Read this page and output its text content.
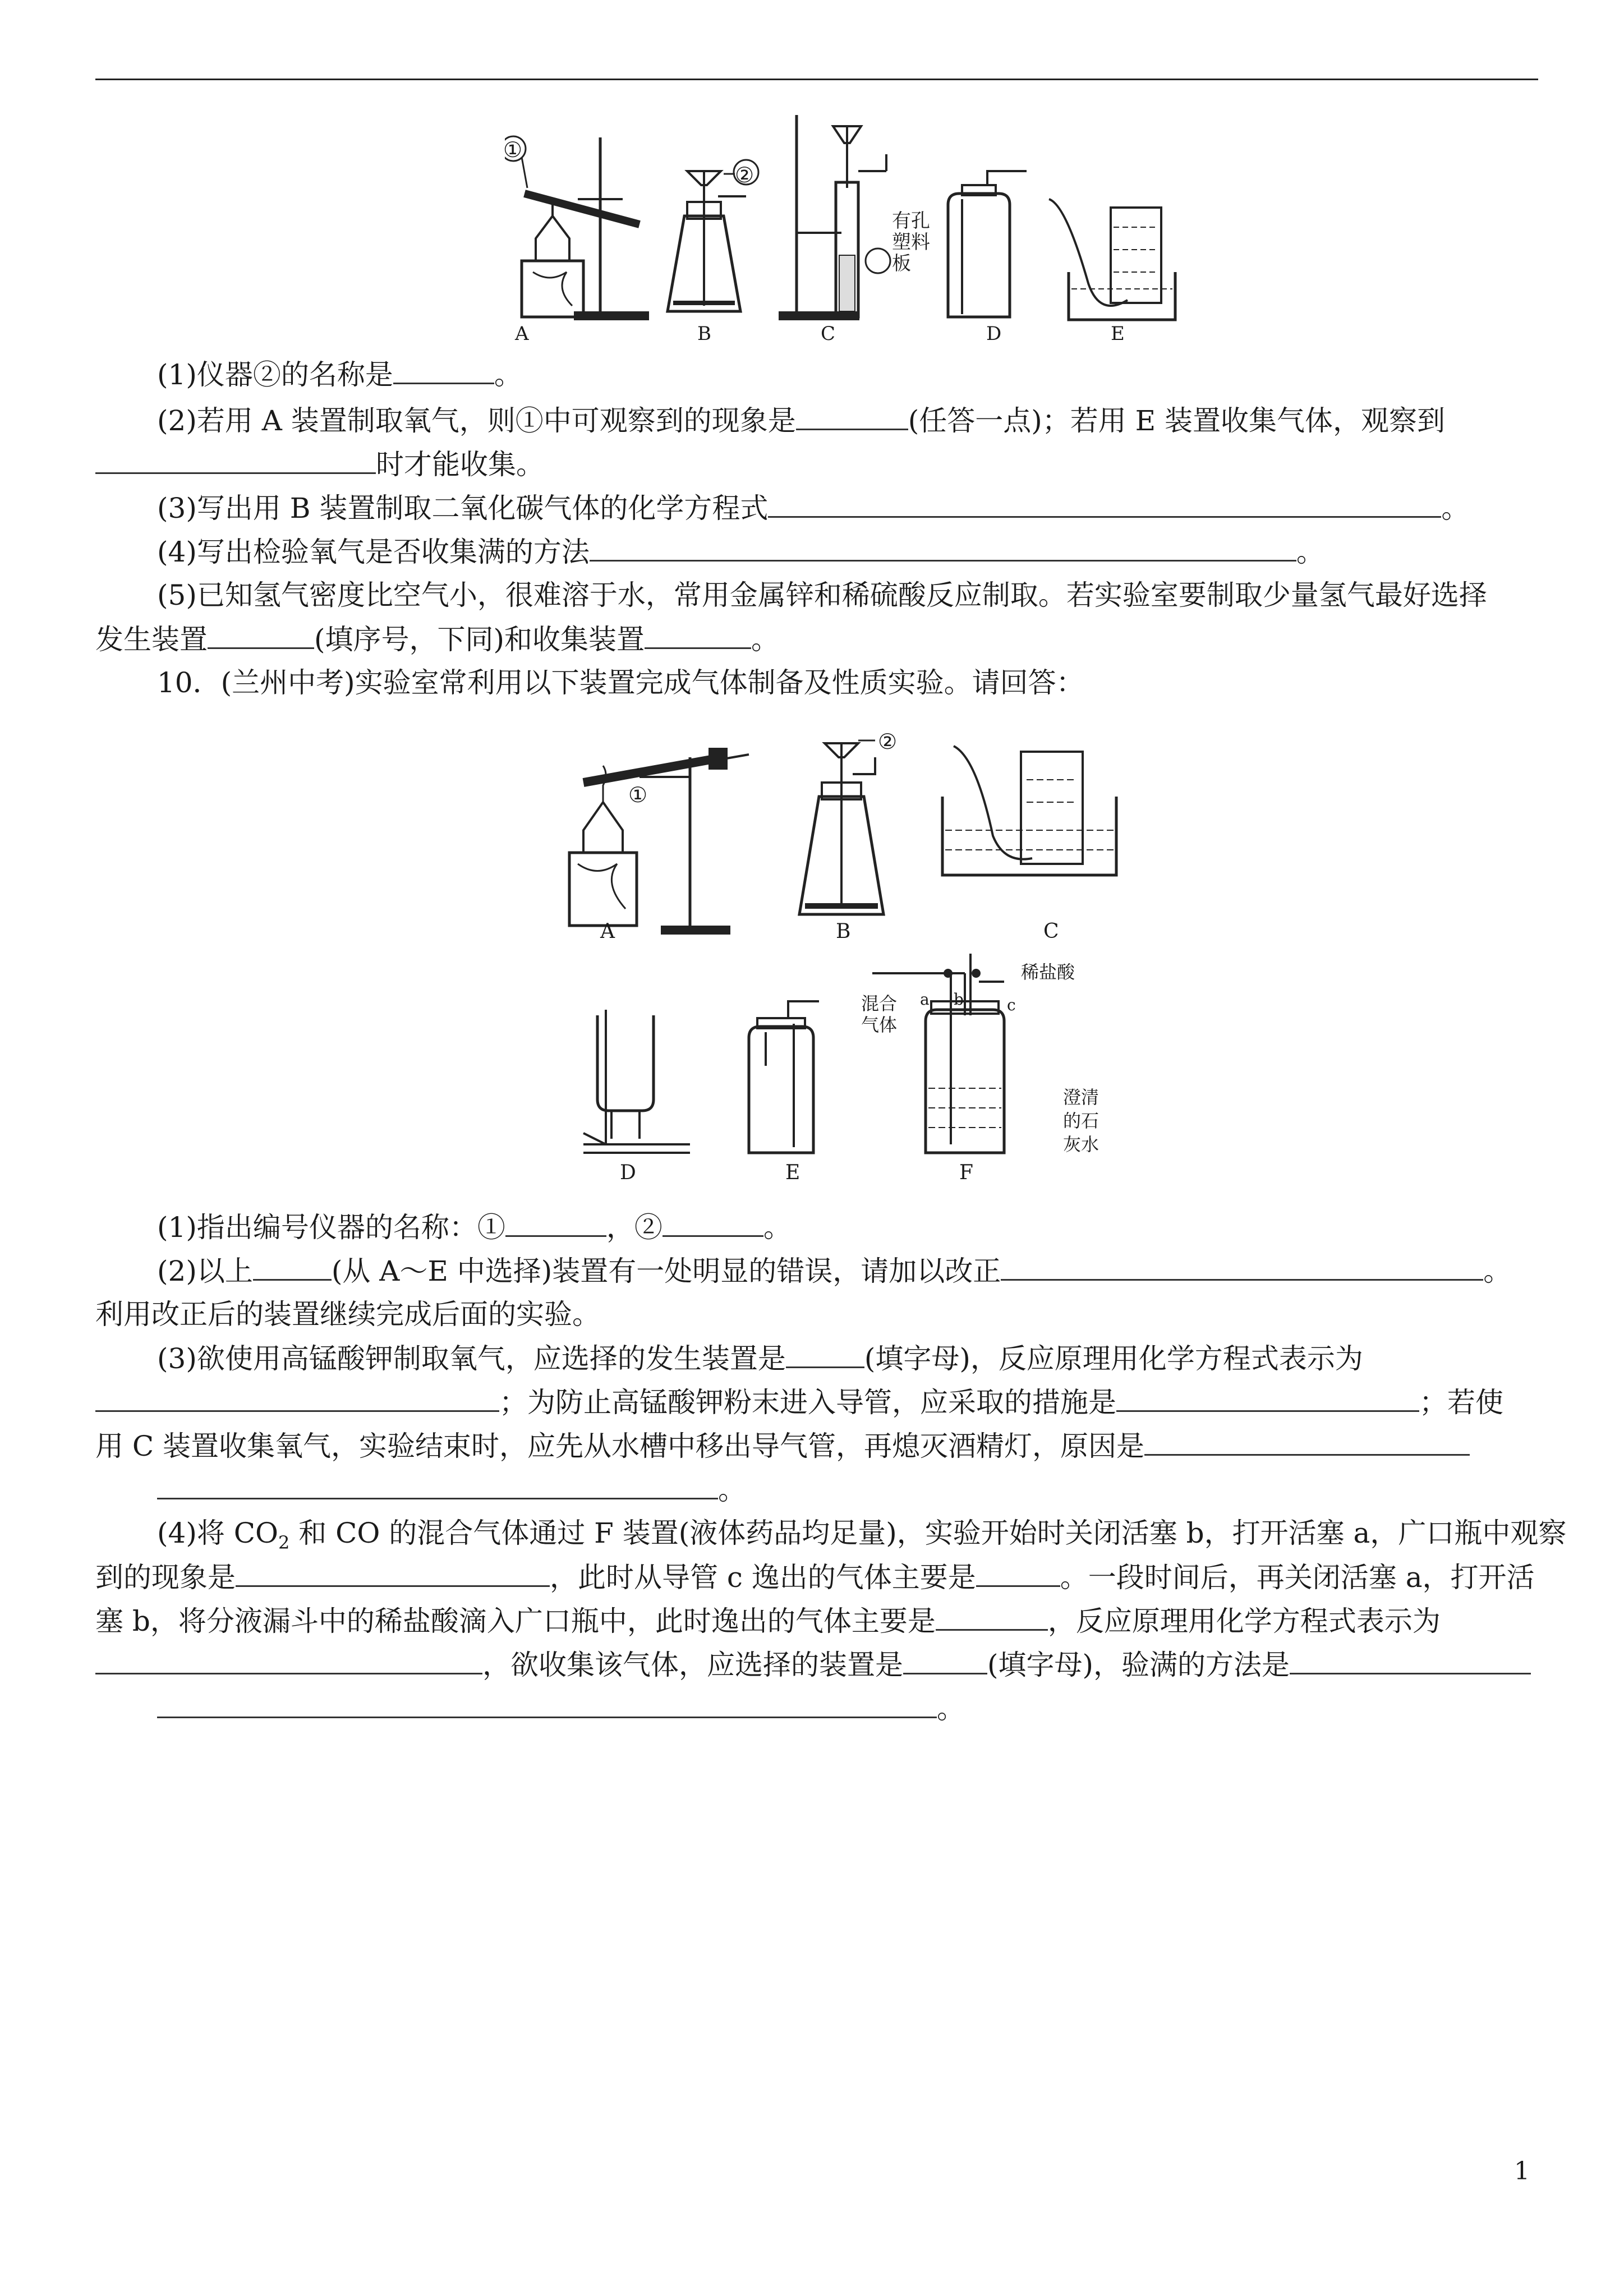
①
②
有孔
塑料
板
A	B	C	D	E
(1)仪器②的名称是	。
(2)若用 A 装置制取氧气，则①中可观察到的现象是	(任答一点)；若用 E 装置收集气体，观察到
时才能收集。
(3)写出用 B 装置制取二氧化碳气体的化学方程式	。
(4)写出检验氧气是否收集满的方法	。
(5)已知氢气密度比空气小，很难溶于水，常用金属锌和稀硫酸反应制取。若实验室要制取少量氢气最好选择
发生装置	(填序号，下同)和收集装置	。
10．(兰州中考)实验室常利用以下装置完成气体制备及性质实验。请回答：
①
②
A	B	C
混合
气体
a b	c
稀盐酸
澄清
的石
灰水
D	E	F
(1)指出编号仪器的名称：①	，②	。
(2)以上	(从 A～E 中选择)装置有一处明显的错误，请加以改正	。
利用改正后的装置继续完成后面的实验。
(3)欲使用高锰酸钾制取氧气，应选择的发生装置是	(填字母)，反应原理用化学方程式表示为
；为防止高锰酸钾粉末进入导管，应采取的措施是	；若使
用 C 装置收集氧气，实验结束时，应先从水槽中移出导气管，再熄灭酒精灯，原因是
。
(4)将 $CO_2$ 和 CO 的混合气体通过 F 装置(液体药品均足量)，实验开始时关闭活塞 b，打开活塞 a，广口瓶中观察
到的现象是	，此时从导管 c 逸出的气体主要是	。一段时间后，再关闭活塞 a，打开活
塞 b，将分液漏斗中的稀盐酸滴入广口瓶中，此时逸出的气体主要是	，反应原理用化学方程式表示为
，欲收集该气体，应选择的装置是	(填字母)，验满的方法是
。
1
